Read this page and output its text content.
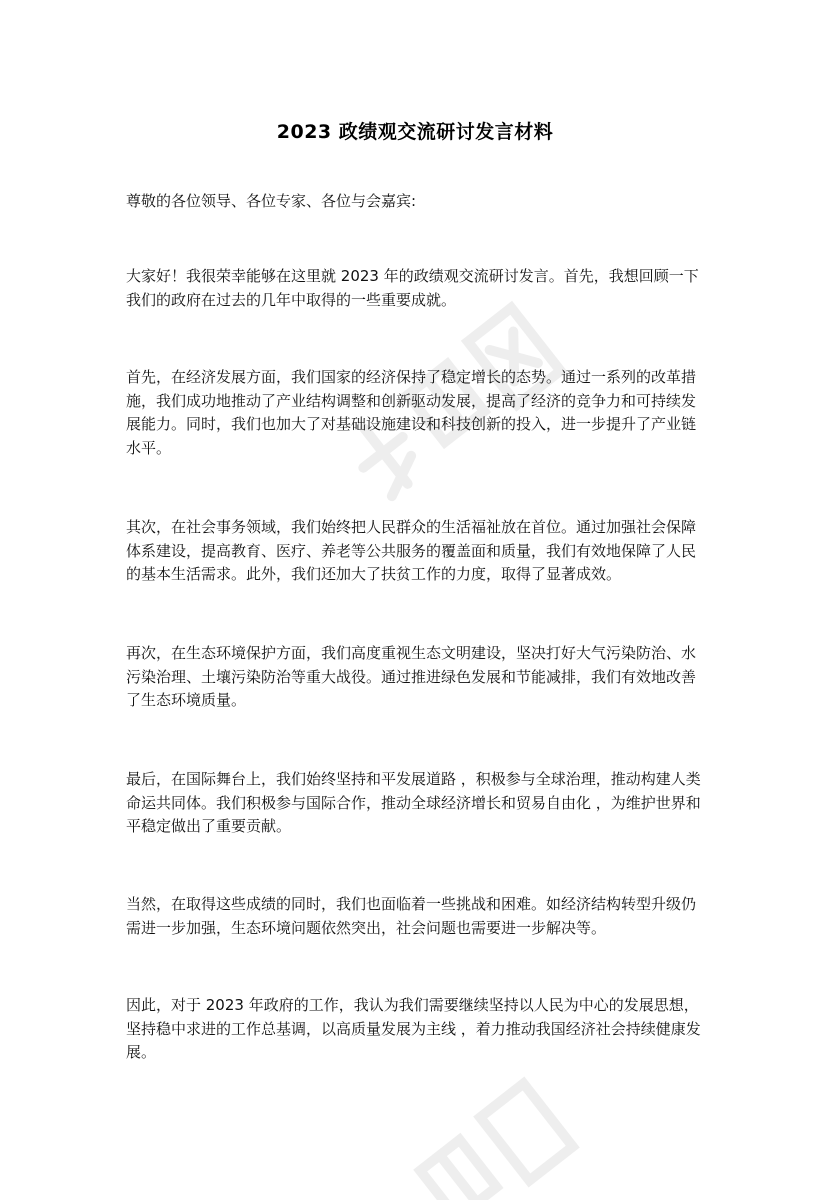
2023 政绩观交流研讨发言材料

尊敬的各位领导、各位专家、各位与会嘉宾:

大家好！我很荣幸能够在这里就 2023 年的政绩观交流研讨发言。首先，我想回顾一下我们的政府在过去的几年中取得的一些重要成就。

首先，在经济发展方面，我们国家的经济保持了稳定增长的态势。通过一系列的改革措施，我们成功地推动了产业结构调整和创新驱动发展，提高了经济的竞争力和可持续发展能力。同时，我们也加大了对基础设施建设和科技创新的投入，进一步提升了产业链水平。

其次，在社会事务领域，我们始终把人民群众的生活福祉放在首位。通过加强社会保障体系建设，提高教育、医疗、养老等公共服务的覆盖面和质量，我们有效地保障了人民的基本生活需求。此外，我们还加大了扶贫工作的力度，取得了显著成效。

再次，在生态环境保护方面，我们高度重视生态文明建设，坚决打好大气污染防治、水污染治理、土壤污染防治等重大战役。通过推进绿色发展和节能减排，我们有效地改善了生态环境质量。

最后，在国际舞台上，我们始终坚持和平发展道路 ，积极参与全球治理，推动构建人类命运共同体。我们积极参与国际合作，推动全球经济增长和贸易自由化 ，为维护世界和平稳定做出了重要贡献。

当然，在取得这些成绩的同时，我们也面临着一些挑战和困难。如经济结构转型升级仍需进一步加强，生态环境问题依然突出，社会问题也需要进一步解决等。

因此，对于 2023 年政府的工作，我认为我们需要继续坚持以人民为中心的发展思想，坚持稳中求进的工作总基调，以高质量发展为主线 ，着力推动我国经济社会持续健康发展。
